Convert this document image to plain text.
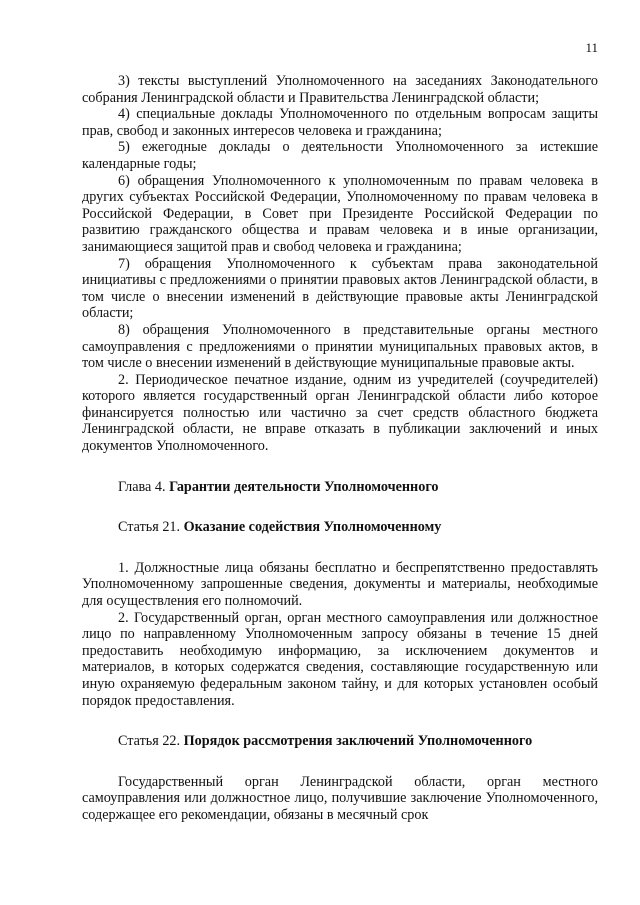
11

3) тексты выступлений Уполномоченного на заседаниях Законодательного собрания Ленинградской области и Правительства Ленинградской области;

4) специальные доклады Уполномоченного по отдельным вопросам защиты прав, свобод и законных интересов человека и гражданина;

5) ежегодные доклады о деятельности Уполномоченного за истекшие календарные годы;

6) обращения Уполномоченного к уполномоченным по правам человека в других субъектах Российской Федерации, Уполномоченному по правам человека в Российской Федерации, в Совет при Президенте Российской Федерации по развитию гражданского общества и правам человека и в иные организации, занимающиеся защитой прав и свобод человека и гражданина;

7) обращения Уполномоченного к субъектам права законодательной инициативы с предложениями о принятии правовых актов Ленинградской области, в том числе о внесении изменений в действующие правовые акты Ленинградской области;

8) обращения Уполномоченного в представительные органы местного самоуправления с предложениями о принятии муниципальных правовых актов, в том числе о внесении изменений в действующие муниципальные правовые акты.

2. Периодическое печатное издание, одним из учредителей (соучредителей) которого является государственный орган Ленинградской области либо которое финансируется полностью или частично за счет средств областного бюджета Ленинградской области, не вправе отказать в публикации заключений и иных документов Уполномоченного.

Глава 4. Гарантии деятельности Уполномоченного

Статья 21. Оказание содействия Уполномоченному

1. Должностные лица обязаны бесплатно и беспрепятственно предоставлять Уполномоченному запрошенные сведения, документы и материалы, необходимые для осуществления его полномочий.

2. Государственный орган, орган местного самоуправления или должностное лицо по направленному Уполномоченным запросу обязаны в течение 15 дней предоставить необходимую информацию, за исключением документов и материалов, в которых содержатся сведения, составляющие государственную или иную охраняемую федеральным законом тайну, и для которых установлен особый порядок предоставления.

Статья 22. Порядок рассмотрения заключений Уполномоченного

Государственный орган Ленинградской области, орган местного самоуправления или должностное лицо, получившие заключение Уполномоченного, содержащее его рекомендации, обязаны в месячный срок
